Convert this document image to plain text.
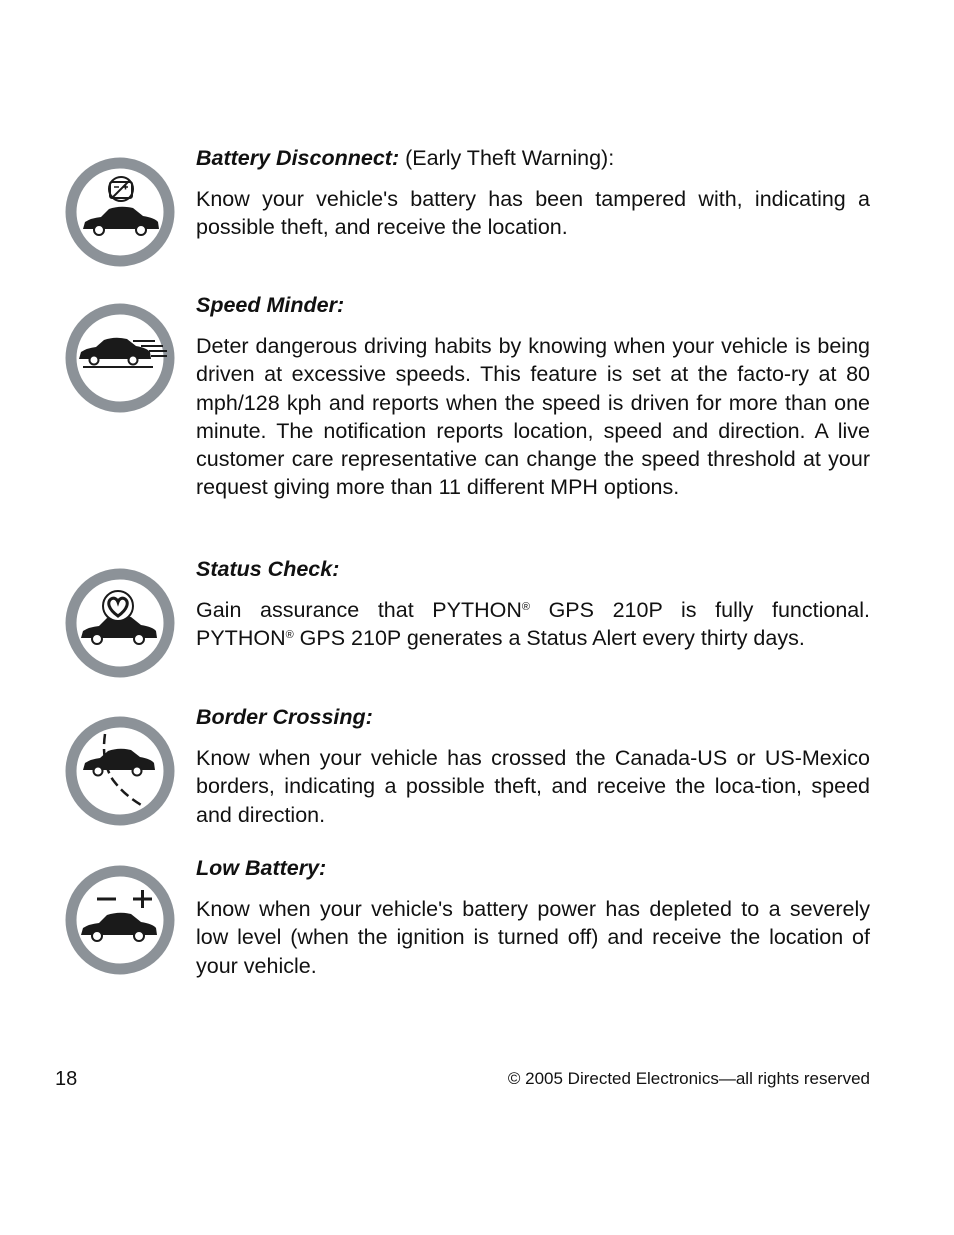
Battery Disconnect: (Early Theft Warning):

Know your vehicle's battery has been tampered with, indicating a possible theft, and receive the location.

Speed Minder:

Deter dangerous driving habits by knowing when your vehicle is being driven at excessive speeds. This feature is set at the facto-ry at 80 mph/128 kph and reports when the speed is driven for more than one minute. The notification reports location, speed and direction. A live customer care representative can change the speed threshold at your request giving more than 11 different MPH options.

Status Check:

Gain assurance that PYTHON® GPS 210P is fully functional. PYTHON® GPS 210P generates a Status Alert every thirty days.

Border Crossing:

Know when your vehicle has crossed the Canada-US or US-Mexico borders, indicating a possible theft, and receive the loca-tion, speed and direction.

Low Battery:

Know when your vehicle's battery power has depleted to a severely low level (when the ignition is turned off) and receive the location of your vehicle.

18	© 2005 Directed Electronics—all rights reserved
